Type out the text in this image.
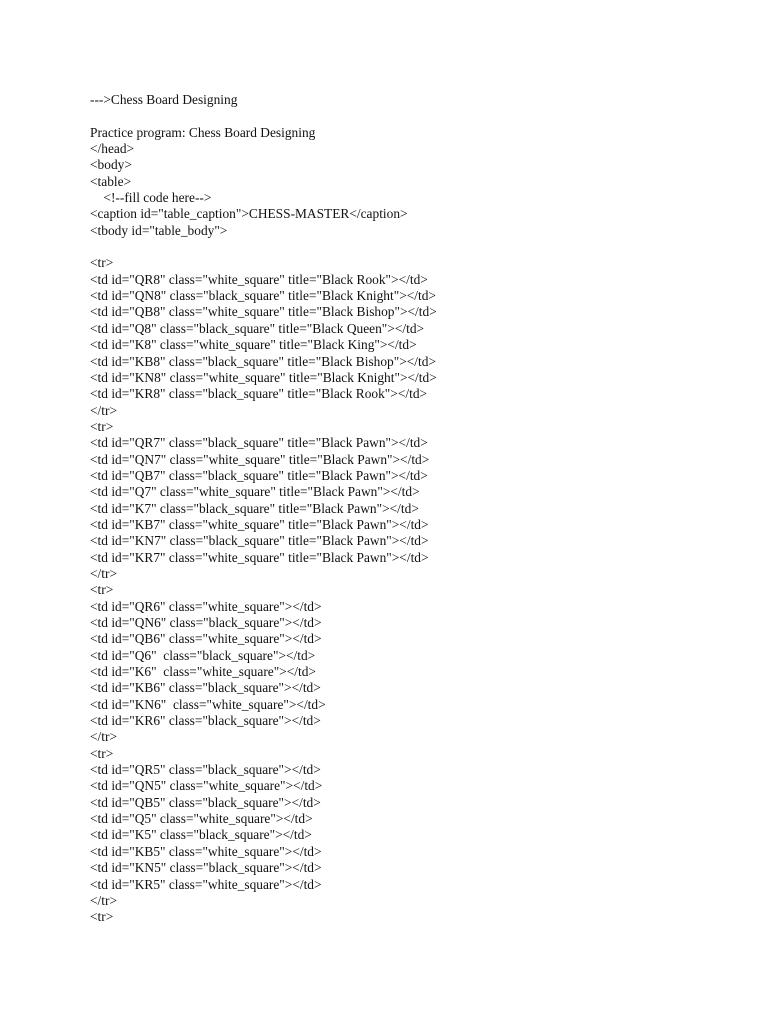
--->Chess Board Designing
Practice program: Chess Board Designing
</head>
<body>
<table>
<!--fill code here-->
<caption id="table_caption">CHESS-MASTER</caption>
<tbody id="table_body">
<tr>
<td id="QR8" class="white_square" title="Black Rook"></td>
<td id="QN8" class="black_square" title="Black Knight"></td>
<td id="QB8" class="white_square" title="Black Bishop"></td>
<td id="Q8" class="black_square" title="Black Queen"></td>
<td id="K8" class="white_square" title="Black King"></td>
<td id="KB8" class="black_square" title="Black Bishop"></td>
<td id="KN8" class="white_square" title="Black Knight"></td>
<td id="KR8" class="black_square" title="Black Rook"></td>
</tr>
<tr>
<td id="QR7" class="black_square" title="Black Pawn"></td>
<td id="QN7" class="white_square" title="Black Pawn"></td>
<td id="QB7" class="black_square" title="Black Pawn"></td>
<td id="Q7" class="white_square" title="Black Pawn"></td>
<td id="K7" class="black_square" title="Black Pawn"></td>
<td id="KB7" class="white_square" title="Black Pawn"></td>
<td id="KN7" class="black_square" title="Black Pawn"></td>
<td id="KR7" class="white_square" title="Black Pawn"></td>
</tr>
<tr>
<td id="QR6" class="white_square"></td>
<td id="QN6" class="black_square"></td>
<td id="QB6" class="white_square"></td>
<td id="Q6"  class="black_square"></td>
<td id="K6"  class="white_square"></td>
<td id="KB6" class="black_square"></td>
<td id="KN6"  class="white_square"></td>
<td id="KR6" class="black_square"></td>
</tr>
<tr>
<td id="QR5" class="black_square"></td>
<td id="QN5" class="white_square"></td>
<td id="QB5" class="black_square"></td>
<td id="Q5" class="white_square"></td>
<td id="K5" class="black_square"></td>
<td id="KB5" class="white_square"></td>
<td id="KN5" class="black_square"></td>
<td id="KR5" class="white_square"></td>
</tr>
<tr>
